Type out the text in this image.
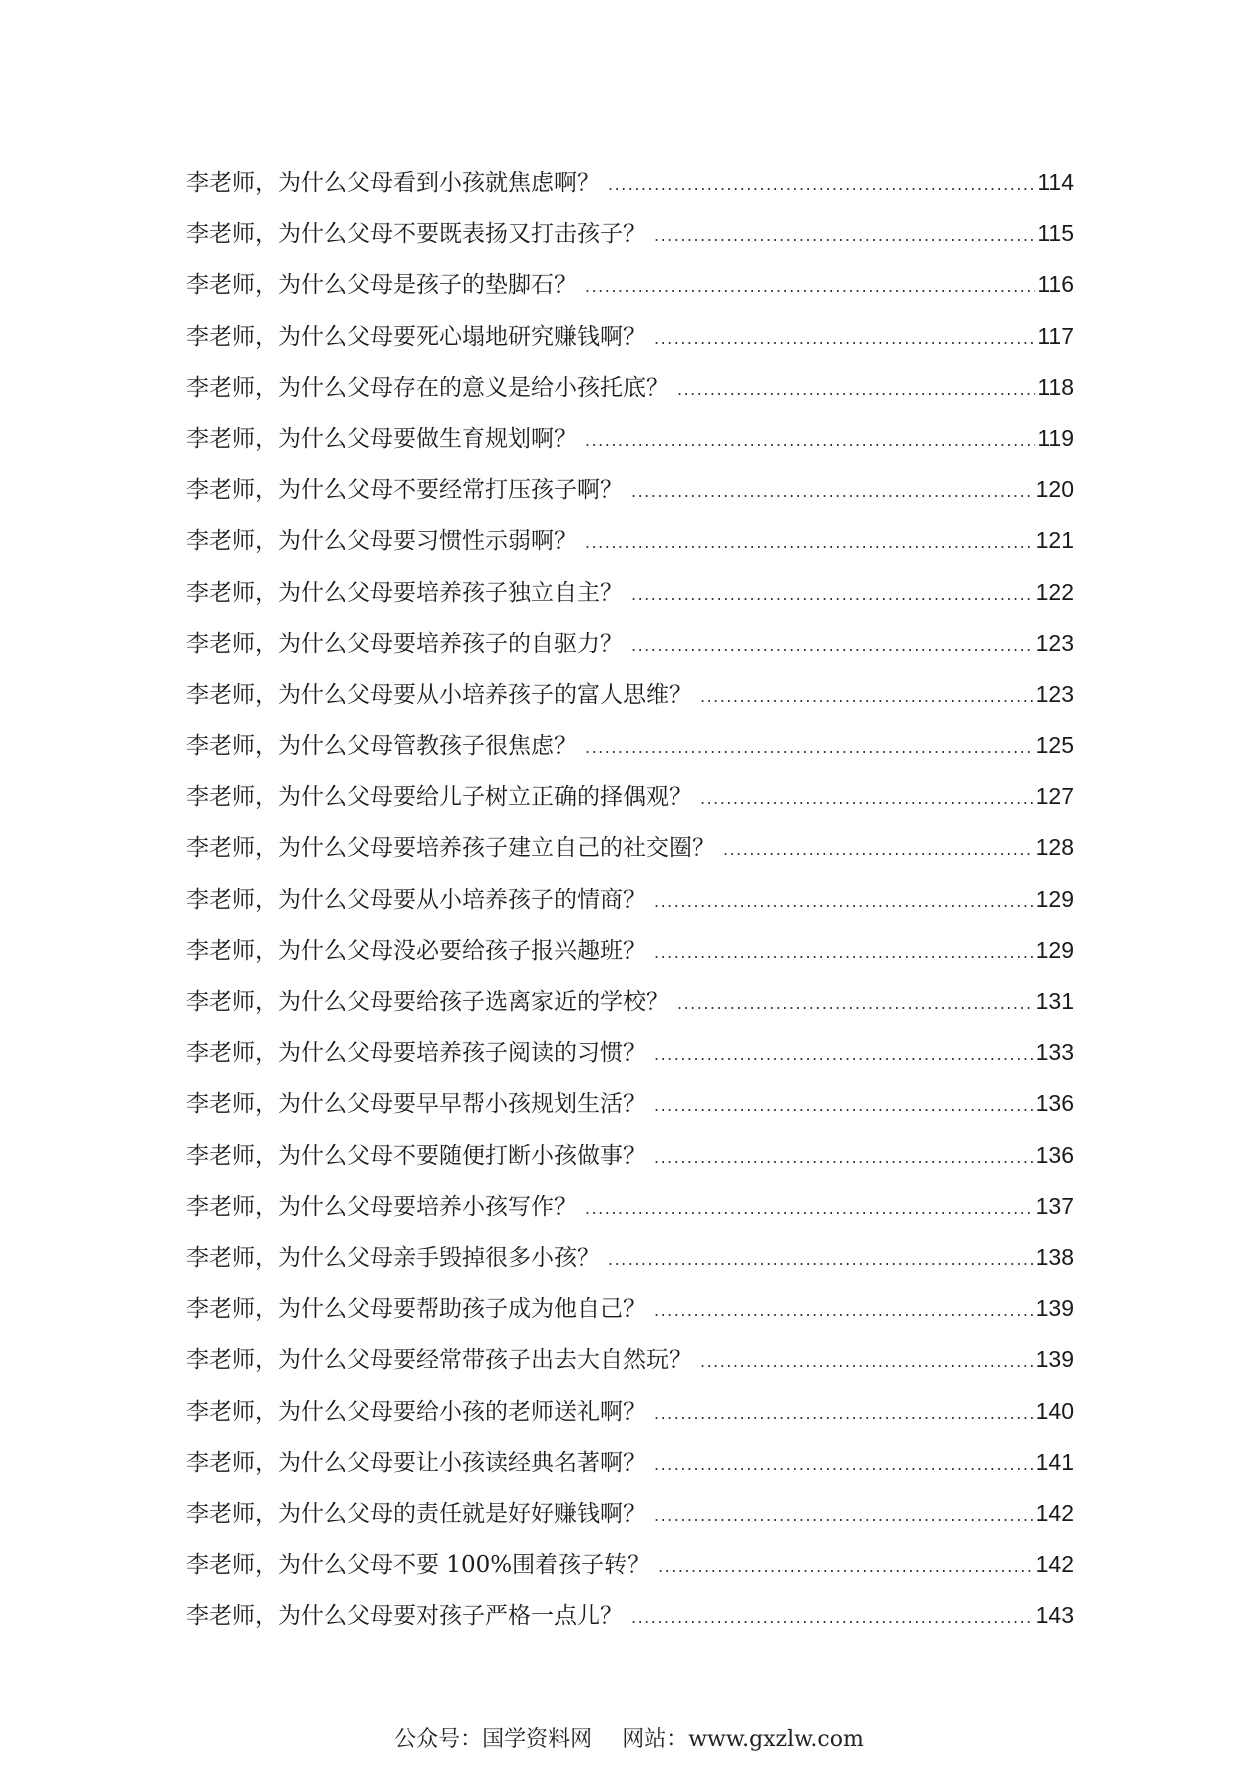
李老师，为什么父母看到小孩就焦虑啊？ .....	114
李老师，为什么父母不要既表扬又打击孩子？ .....	115
李老师，为什么父母是孩子的垫脚石？ .....	116
李老师，为什么父母要死心塌地研究赚钱啊？ .....	117
李老师，为什么父母存在的意义是给小孩托底？ .....	118
李老师，为什么父母要做生育规划啊？ .....	119
李老师，为什么父母不要经常打压孩子啊？ .....	120
李老师，为什么父母要习惯性示弱啊？ .....	121
李老师，为什么父母要培养孩子独立自主？ .....	122
李老师，为什么父母要培养孩子的自驱力？ .....	123
李老师，为什么父母要从小培养孩子的富人思维？ .....	123
李老师，为什么父母管教孩子很焦虑？ .....	125
李老师，为什么父母要给儿子树立正确的择偶观？ .....	127
李老师，为什么父母要培养孩子建立自己的社交圈？ .....	128
李老师，为什么父母要从小培养孩子的情商？ .....	129
李老师，为什么父母没必要给孩子报兴趣班？ .....	129
李老师，为什么父母要给孩子选离家近的学校？ .....	131
李老师，为什么父母要培养孩子阅读的习惯？ .....	133
李老师，为什么父母要早早帮小孩规划生活？ .....	136
李老师，为什么父母不要随便打断小孩做事？ .....	136
李老师，为什么父母要培养小孩写作？ .....	137
李老师，为什么父母亲手毁掉很多小孩？ .....	138
李老师，为什么父母要帮助孩子成为他自己？ .....	139
李老师，为什么父母要经常带孩子出去大自然玩？ .....	139
李老师，为什么父母要给小孩的老师送礼啊？ .....	140
李老师，为什么父母要让小孩读经典名著啊？ .....	141
李老师，为什么父母的责任就是好好赚钱啊？ .....	142
李老师，为什么父母不要 100%围着孩子转？ .....	142
李老师，为什么父母要对孩子严格一点儿？ .....	143
公众号：国学资料网 网站：www.gxzlw.com
